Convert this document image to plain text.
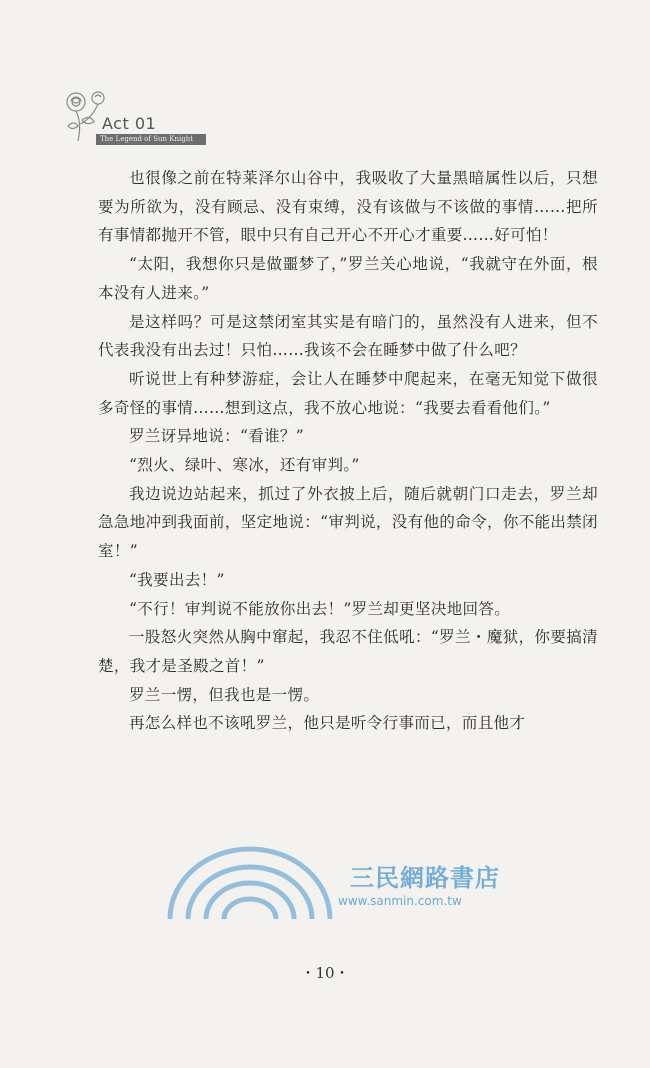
Act 01
The Legend of Sun Knight

也很像之前在特莱泽尔山谷中，我吸收了大量黑暗属性以后，只想要为所欲为，没有顾忌、没有束缚，没有该做与不该做的事情……把所有事情都抛开不管，眼中只有自己开心不开心才重要……好可怕！

“太阳，我想你只是做噩梦了，”罗兰关心地说，“我就守在外面，根本没有人进来。”

是这样吗？可是这禁闭室其实是有暗门的，虽然没有人进来，但不代表我没有出去过！只怕……我该不会在睡梦中做了什么吧？

听说世上有种梦游症，会让人在睡梦中爬起来，在毫无知觉下做很多奇怪的事情……想到这点，我不放心地说：“我要去看看他们。”

罗兰讶异地说：“看谁？”

“烈火、绿叶、寒冰，还有审判。”

我边说边站起来，抓过了外衣披上后，随后就朝门口走去，罗兰却急急地冲到我面前，坚定地说：“审判说，没有他的命令，你不能出禁闭室！”

“我要出去！”

“不行！审判说不能放你出去！”罗兰却更坚决地回答。

一股怒火突然从胸中窜起，我忍不住低吼：“罗兰・魔狱，你要搞清楚，我才是圣殿之首！”

罗兰一愣，但我也是一愣。

再怎么样也不该吼罗兰，他只是听令行事而已，而且他才

三民網路書店
www.sanmin.com.tw
・10・
